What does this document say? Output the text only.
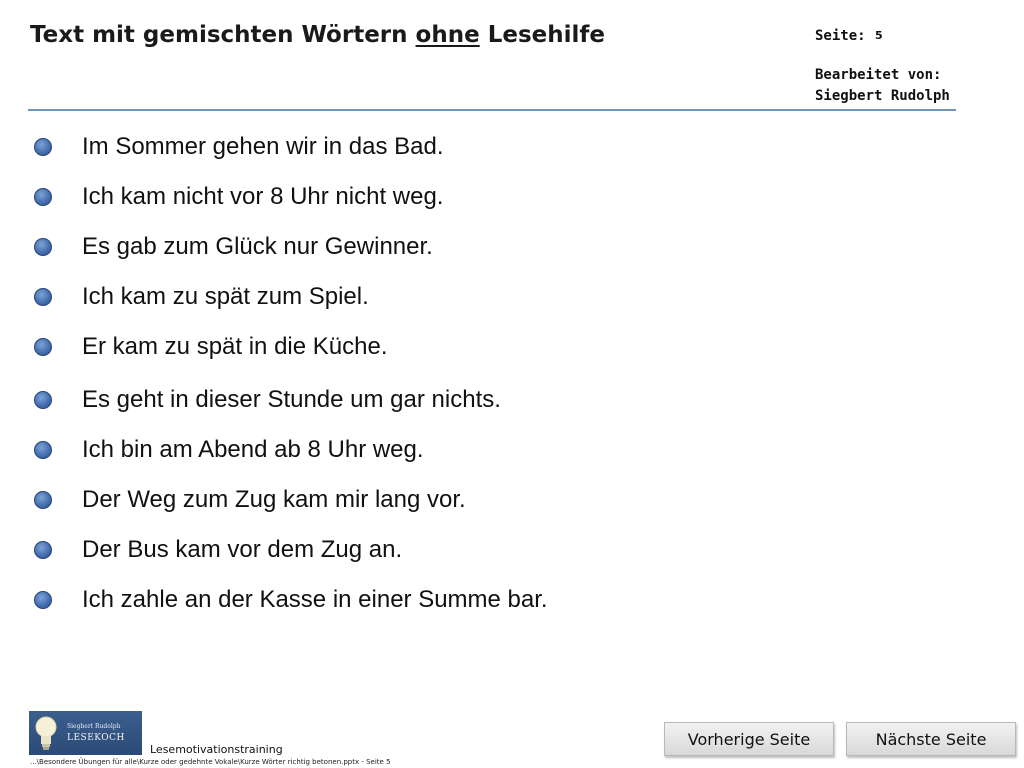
Text mit gemischten Wörtern ohne Lesehilfe	Seite: 5
Bearbeitet von:
Siegbert Rudolph
Im Sommer gehen wir in das Bad.
Ich kam nicht vor 8 Uhr nicht weg.
Es gab zum Glück nur Gewinner.
Ich kam zu spät zum Spiel.
Er kam zu spät in die Küche.
Es geht in dieser Stunde um gar nichts.
Ich bin am Abend ab 8 Uhr weg.
Der Weg zum Zug kam mir lang vor.
Der Bus kam vor dem Zug an.
Ich zahle an der Kasse in einer Summe bar.
Siegbert Rudolph
LESEKOCH
Lesemotivationstraining
...\Besondere Übungen für alle\Kurze oder gedehnte Vokale\Kurze Wörter richtig betonen.pptx - Seite 5
Vorherige Seite	Nächste Seite
